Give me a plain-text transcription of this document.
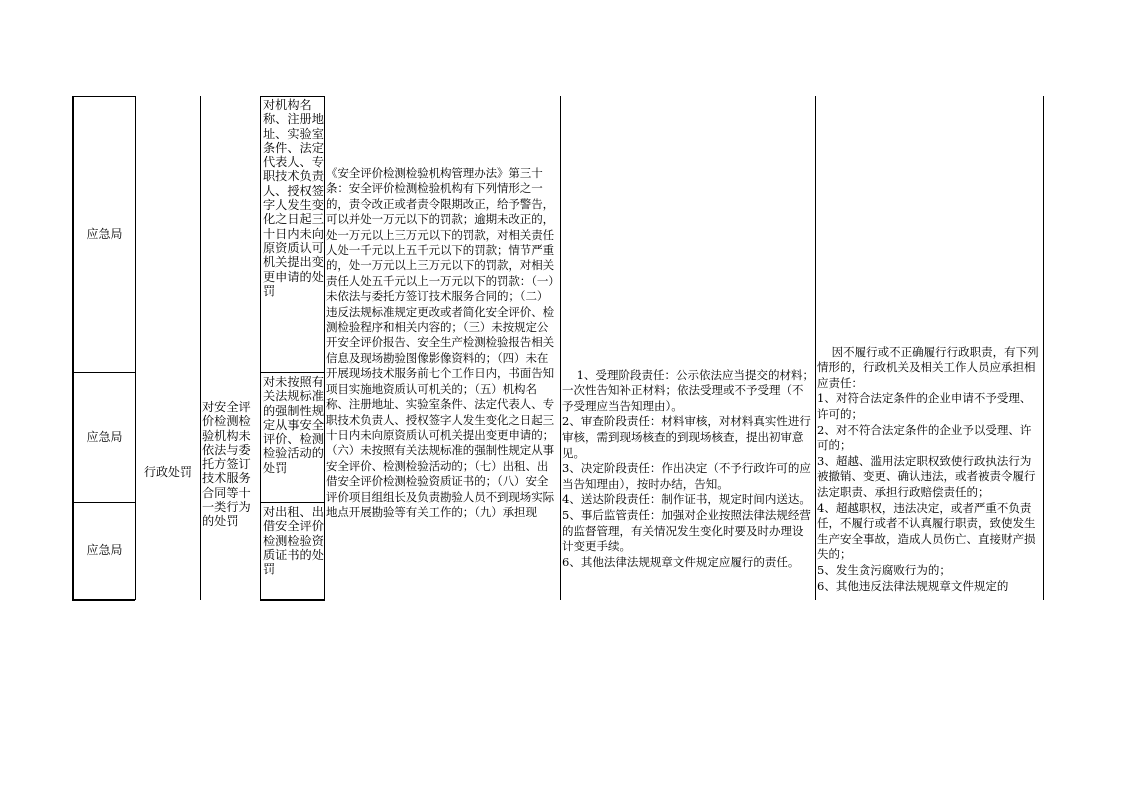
应急局
应急局
应急局
行政处罚
对安全评价检测检验机构未依法与委托方签订技术服务合同等十一类行为的处罚
对机构名称、注册地址、实验室条件、法定代表人、专职技术负责人、授权签字人发生变化之日起三十日内未向原资质认可机关提出变更申请的处罚
对未按照有关法规标准的强制性规定从事安全评价、检测检验活动的处罚
对出租、出借安全评价检测检验资质证书的处罚
《安全评价检测检验机构管理办法》第三十条：安全评价检测检验机构有下列情形之一的，责令改正或者责令限期改正，给予警告，可以并处一万元以下的罚款；逾期未改正的，处一万元以上三万元以下的罚款，对相关责任人处一千元以上五千元以下的罚款；情节严重的，处一万元以上三万元以下的罚款，对相关责任人处五千元以上一万元以下的罚款：（一）未依法与委托方签订技术服务合同的；（二）违反法规标准规定更改或者简化安全评价、检测检验程序和相关内容的；（三）未按规定公开安全评价报告、安全生产检测检验报告相关信息及现场勘验图像影像资料的；（四）未在开展现场技术服务前七个工作日内，书面告知项目实施地资质认可机关的；（五）机构名称、注册地址、实验室条件、法定代表人、专职技术负责人、授权签字人发生变化之日起三十日内未向原资质认可机关提出变更申请的；（六）未按照有关法规标准的强制性规定从事安全评价、检测检验活动的；（七）出租、出借安全评价检测检验资质证书的；（八）安全评价项目组组长及负责勘验人员不到现场实际地点开展勘验等有关工作的；（九）承担现

1、受理阶段责任：公示依法应当提交的材料；一次性告知补正材料；依法受理或不予受理（不予受理应当告知理由）。
2、审查阶段责任：材料审核，对材料真实性进行审核，需到现场核查的到现场核查，提出初审意见。
3、决定阶段责任：作出决定（不予行政许可的应当告知理由），按时办结，告知。
4、送达阶段责任：制作证书，规定时间内送达。
5、事后监管责任：加强对企业按照法律法规经营的监督管理，有关情况发生变化时要及时办理设计变更手续。
6、其他法律法规规章文件规定应履行的责任。

因不履行或不正确履行行政职责，有下列情形的，行政机关及相关工作人员应承担相应责任：
1、对符合法定条件的企业申请不予受理、许可的；
2、对不符合法定条件的企业予以受理、许可的；
3、超越、滥用法定职权致使行政执法行为被撤销、变更、确认违法，或者被责令履行法定职责、承担行政赔偿责任的；
4、超越职权，违法决定，或者严重不负责任，不履行或者不认真履行职责，致使发生生产安全事故，造成人员伤亡、直接财产损失的；
5、发生贪污腐败行为的；
6、其他违反法律法规规章文件规定的
